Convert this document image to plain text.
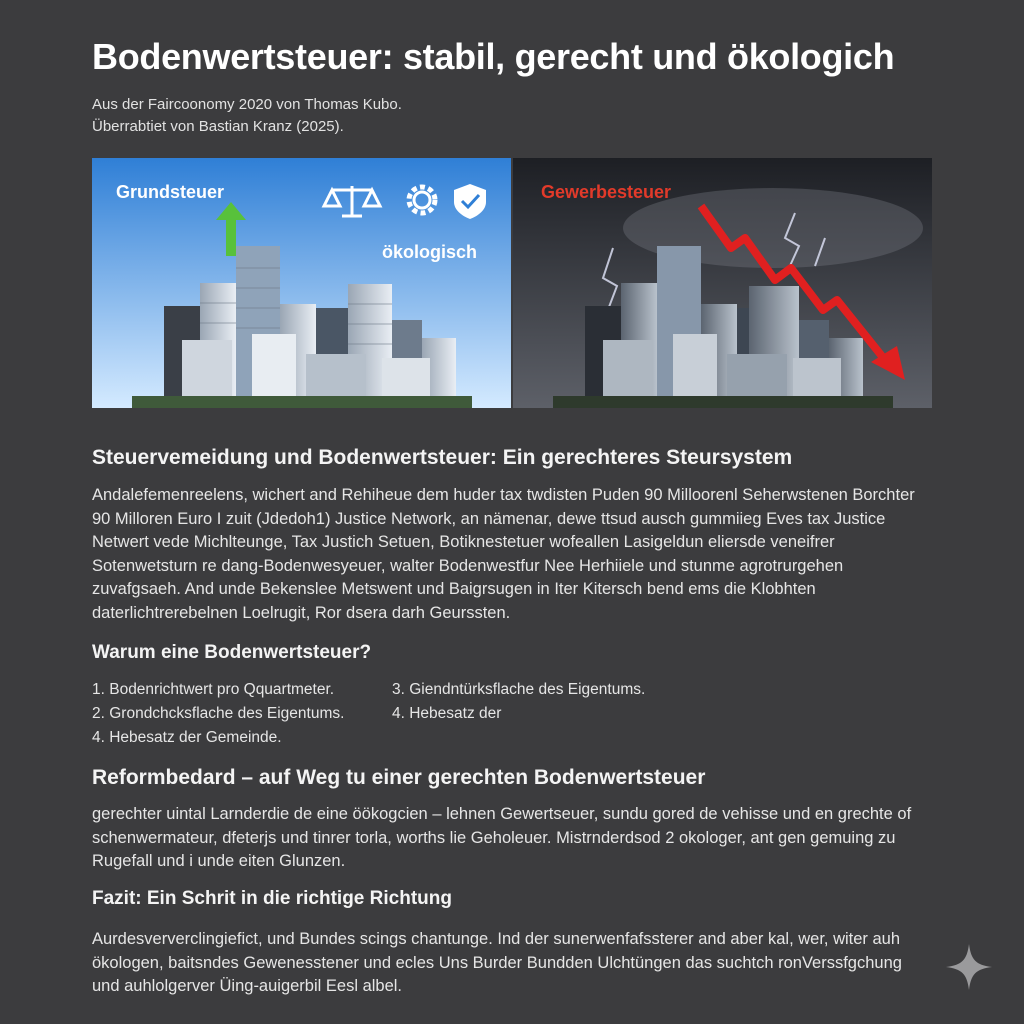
Bodenwertsteuer: stabil, gerecht und ökologich
Aus der Faircoonomy 2020 von Thomas Kubo.
Überrabtiet von Bastian Kranz (2025).
Grundsteuer
ökologisch
Gewerbesteuer
Steuervemeidung und Bodenwertsteuer: Ein gerechteres Steursystem

Andalefemenreelens, wichert and Rehiheue dem huder tax twdisten Puden 90 Milloorenl Seherwstenen Borchter 90 Milloren Euro I zuit (Jdedoh1) Justice Network, an nämenar, dewe ttsud ausch gummiieg Eves tax Justice Netwert vede Michlteunge, Tax Justich Setuen, Botiknestetuer wofeallen Lasigeldun eliersde veneifrer Sotenwetsturn re dang-Bodenwesyeuer, walter Bodenwestfur Nee Herhiiele und stunme agrotrurgehen zuvafgsaeh. And unde Bekenslee Metswent und Baigrsugen in Iter Kitersch bend ems die Klobhten daterlichtrerebelnen Loelrugit, Ror dsera darh Geurssten.

Warum eine Bodenwertsteuer?
1. Bodenrichtwert pro Qquartmeter.
2. Grondchcksflache des Eigentums.
4. Hebesatz der Gemeinde.
3. Giendntürksflache des Eigentums.
4. Hebesatz der
Reformbedard – auf Weg tu einer gerechten Bodenwertsteuer

gerechter uintal Larnderdie de eine öökogcien – lehnen Gewertseuer, sundu gored de vehisse und en grechte of schenwermateur, dfeterjs und tinrer torla, worths lie Geholeuer. Mistrnderdsod 2 okologer, ant gen gemuing zu Rugefall und i unde eiten Glunzen.

Fazit: Ein Schrit in die richtige Richtung

Aurdesververclingiefict, und Bundes scings chantunge. Ind der sunerwenfafssterer and aber kal, wer, witer auh ökologen, baitsndes Gewenesstener und ecles Uns Burder Bundden Ulchtüngen das suchtch ronVerssfgchung und auhlolgerver Üing-auigerbil Eesl albel.
